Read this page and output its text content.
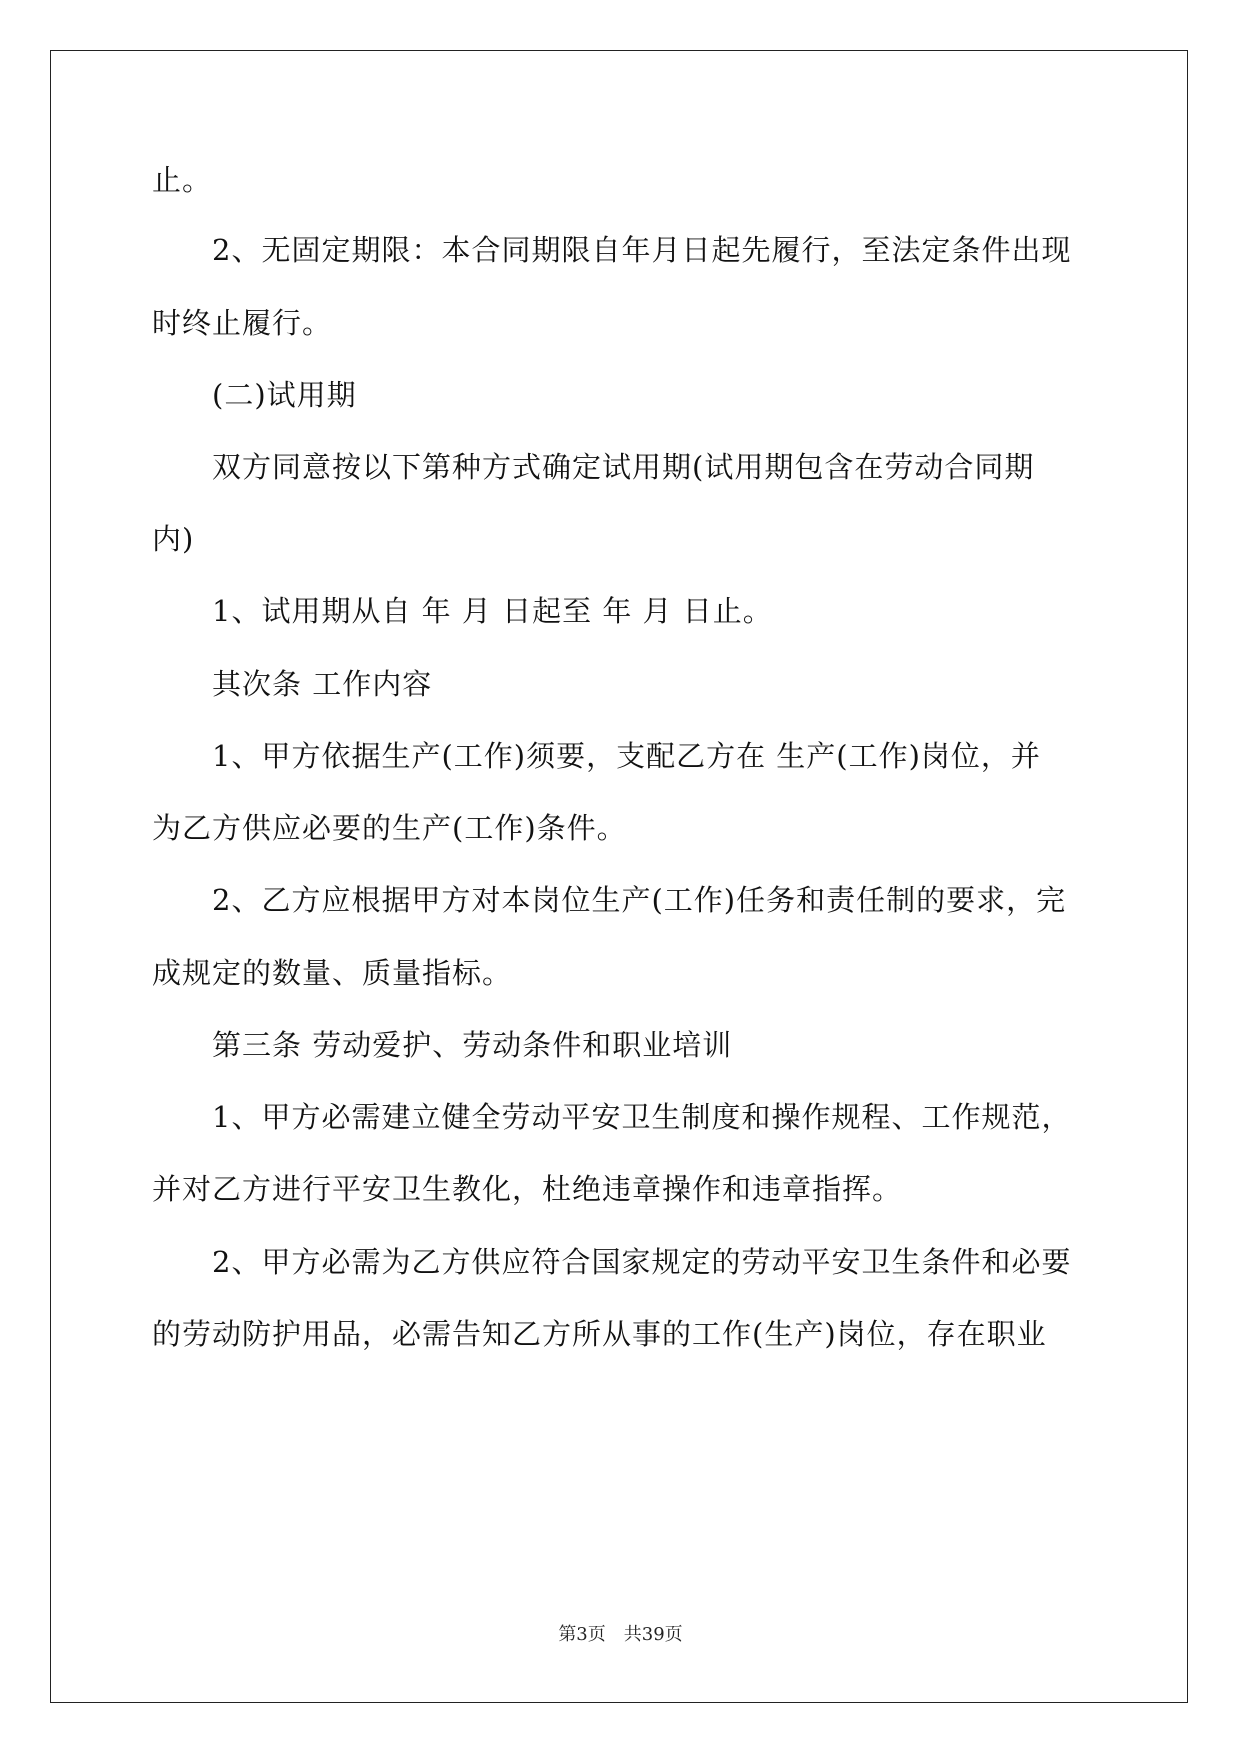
止。
2、无固定期限：本合同期限自年月日起先履行，至法定条件出现
时终止履行。
(二)试用期
双方同意按以下第种方式确定试用期(试用期包含在劳动合同期
内)
1、试用期从自 年 月 日起至 年 月 日止。
其次条 工作内容
1、甲方依据生产(工作)须要，支配乙方在 生产(工作)岗位，并
为乙方供应必要的生产(工作)条件。
2、乙方应根据甲方对本岗位生产(工作)任务和责任制的要求，完
成规定的数量、质量指标。
第三条 劳动爱护、劳动条件和职业培训
1、甲方必需建立健全劳动平安卫生制度和操作规程、工作规范，
并对乙方进行平安卫生教化，杜绝违章操作和违章指挥。
2、甲方必需为乙方供应符合国家规定的劳动平安卫生条件和必要
的劳动防护用品，必需告知乙方所从事的工作(生产)岗位，存在职业
第3页 共39页
